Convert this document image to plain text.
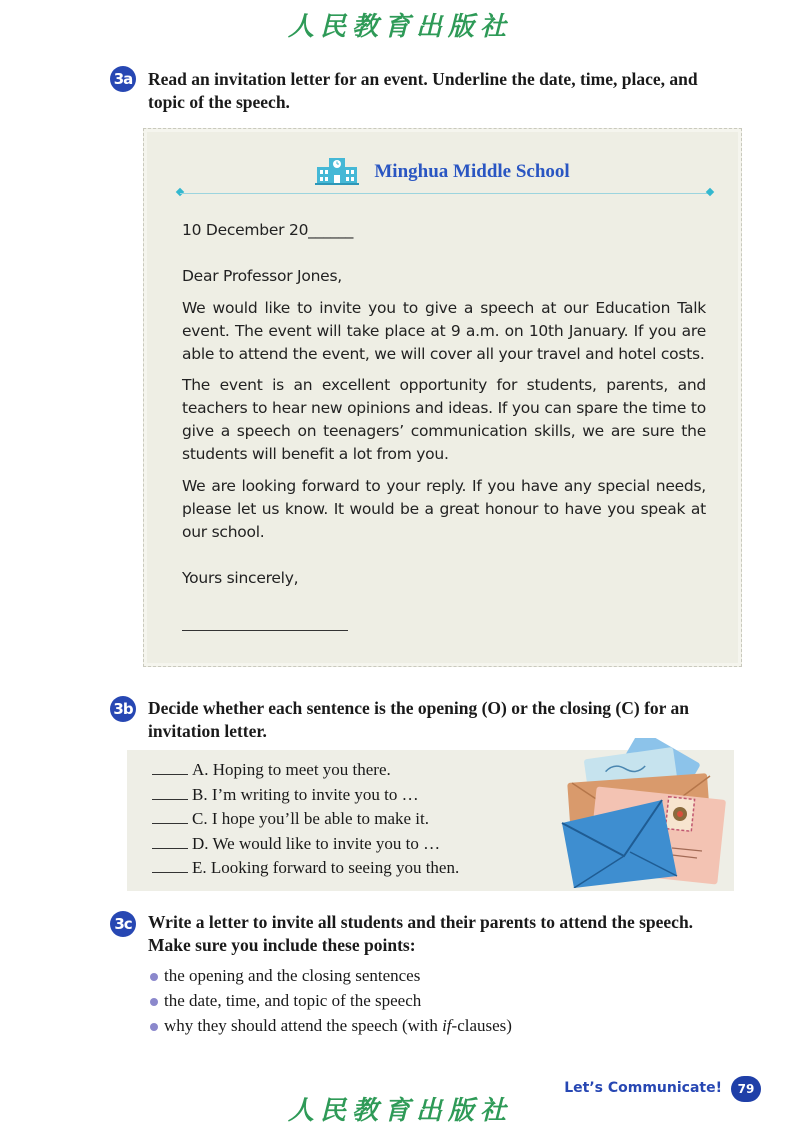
人民教育出版社
3a Read an invitation letter for an event. Underline the date, time, place, and
topic of the speech.
Minghua Middle School
10 December 20______
Dear Professor Jones,

We would like to invite you to give a speech at our Education Talk event. The event will take place at 9 a.m. on 10th January. If you are able to attend the event, we will cover all your travel and hotel costs.

The event is an excellent opportunity for students, parents, and teachers to hear new opinions and ideas. If you can spare the time to give a speech on teenagers’ communication skills, we are sure the students will benefit a lot from you.

We are looking forward to your reply. If you have any special needs, please let us know. It would be a great honour to have you speak at our school.

Yours sincerely,
3b Decide whether each sentence is the opening (O) or the closing (C) for an
invitation letter.
A. Hoping to meet you there.
B. I’m writing to invite you to …
C. I hope you’ll be able to make it.
D. We would like to invite you to …
E. Looking forward to seeing you then.
3c Write a letter to invite all students and their parents to attend the speech.
Make sure you include these points:
the opening and the closing sentences
the date, time, and topic of the speech
why they should attend the speech (with if-clauses)
Let’s Communicate!	79
人民教育出版社
